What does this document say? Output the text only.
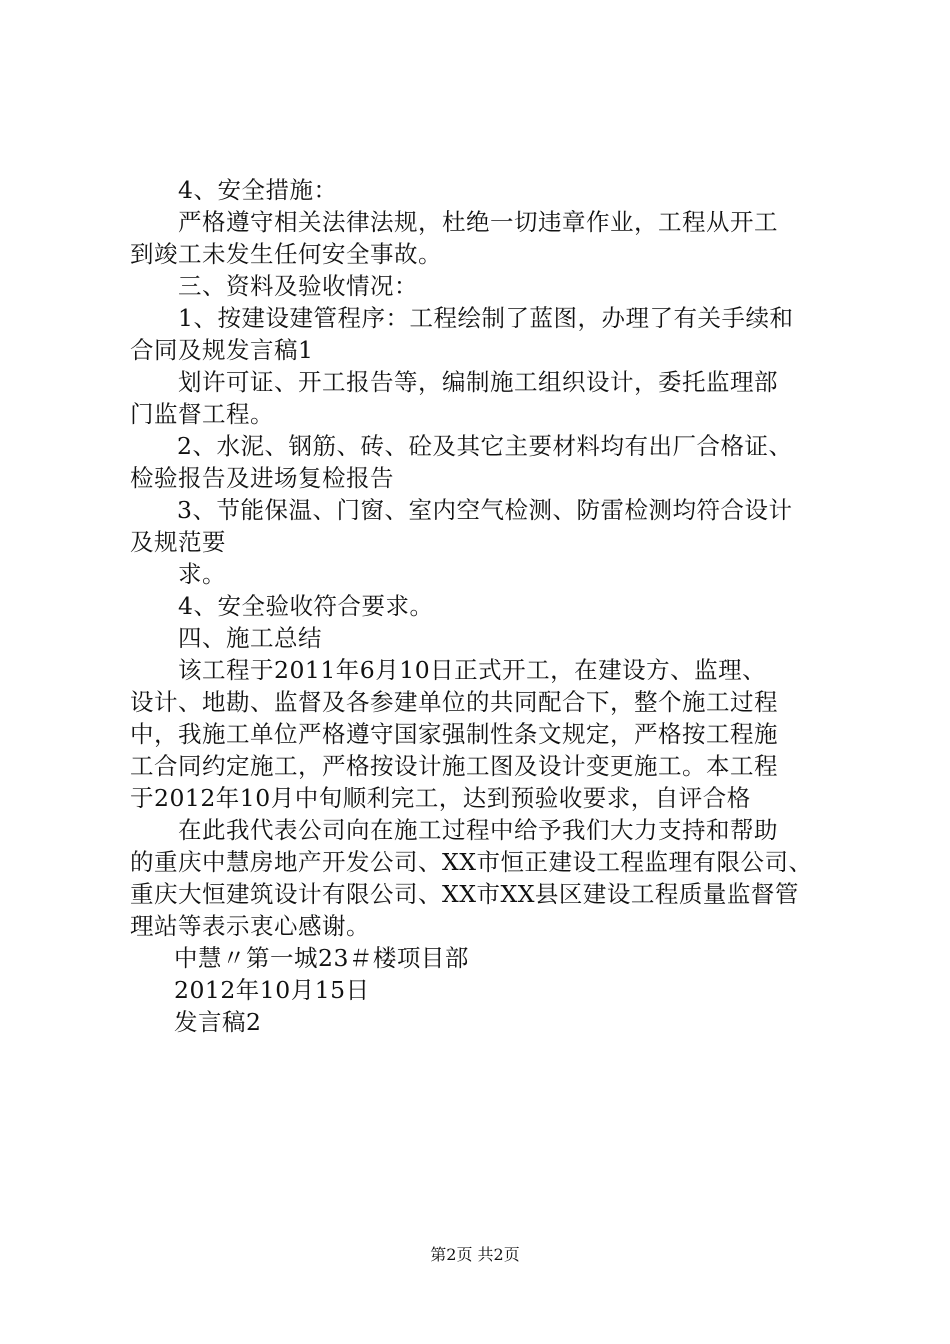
4、安全措施：
严格遵守相关法律法规，杜绝一切违章作业，工程从开工
到竣工未发生任何安全事故。
三、资料及验收情况：
1、按建设建管程序：工程绘制了蓝图，办理了有关手续和
合同及规发言稿1
划许可证、开工报告等，编制施工组织设计，委托监理部
门监督工程。
2、水泥、钢筋、砖、砼及其它主要材料均有出厂合格证、
检验报告及进场复检报告
3、节能保温、门窗、室内空气检测、防雷检测均符合设计
及规范要
求。
4、安全验收符合要求。
四、施工总结
该工程于2011年6月10日正式开工，在建设方、监理、
设计、地勘、监督及各参建单位的共同配合下，整个施工过程
中，我施工单位严格遵守国家强制性条文规定，严格按工程施
工合同约定施工，严格按设计施工图及设计变更施工。本工程
于2012年10月中旬顺利完工，达到预验收要求，自评合格
在此我代表公司向在施工过程中给予我们大力支持和帮助
的重庆中慧房地产开发公司、XX市恒正建设工程监理有限公司、
重庆大恒建筑设计有限公司、XX市XX县区建设工程质量监督管
理站等表示衷心感谢。
中慧〃第一城23＃楼项目部
2012年10月15日
发言稿2
第2页 共2页
